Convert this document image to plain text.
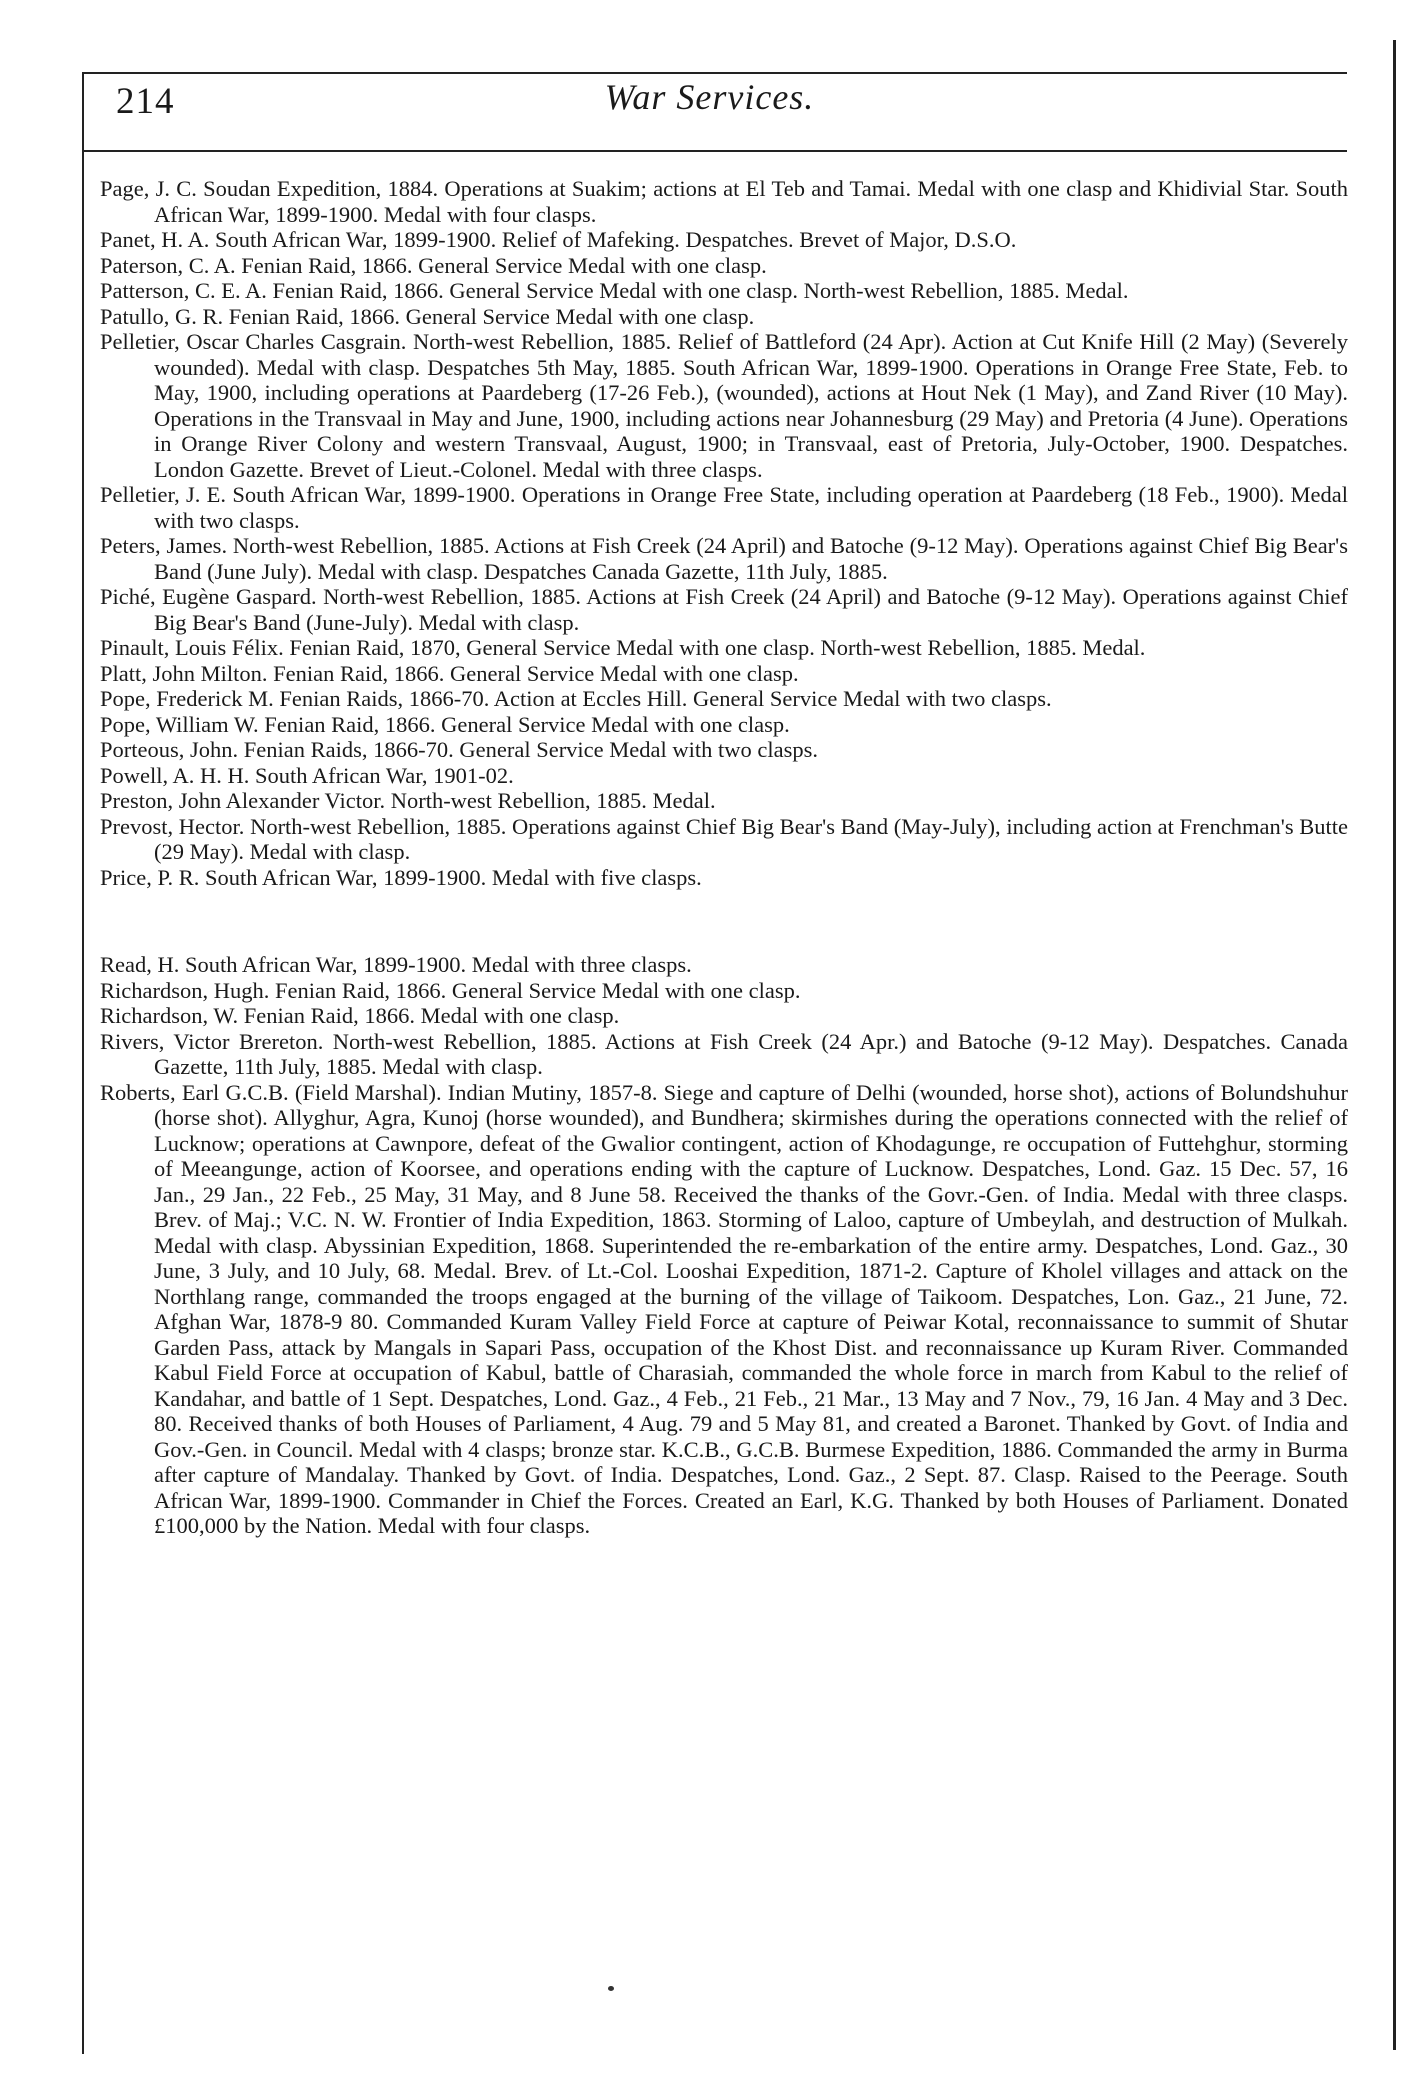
214	War Services.

Page, J. C. Soudan Expedition, 1884. Operations at Suakim; actions at El Teb and Tamai. Medal with one clasp and Khidivial Star. South African War, 1899-1900. Medal with four clasps.

Panet, H. A. South African War, 1899-1900. Relief of Mafeking. Despatches. Brevet of Major, D.S.O.

Paterson, C. A. Fenian Raid, 1866. General Service Medal with one clasp.

Patterson, C. E. A. Fenian Raid, 1866. General Service Medal with one clasp. North-west Rebellion, 1885. Medal.

Patullo, G. R. Fenian Raid, 1866. General Service Medal with one clasp.

Pelletier, Oscar Charles Casgrain. North-west Rebellion, 1885. Relief of Battleford (24 Apr). Action at Cut Knife Hill (2 May) (Severely wounded). Medal with clasp. Despatches 5th May, 1885. South African War, 1899-1900. Operations in Orange Free State, Feb. to May, 1900, including operations at Paardeberg (17-26 Feb.), (wounded), actions at Hout Nek (1 May), and Zand River (10 May). Operations in the Transvaal in May and June, 1900, including actions near Johannesburg (29 May) and Pretoria (4 June). Operations in Orange River Colony and western Transvaal, August, 1900; in Transvaal, east of Pretoria, July-October, 1900. Despatches. London Gazette. Brevet of Lieut.-Colonel. Medal with three clasps.

Pelletier, J. E. South African War, 1899-1900. Operations in Orange Free State, including operation at Paardeberg (18 Feb., 1900). Medal with two clasps.

Peters, James. North-west Rebellion, 1885. Actions at Fish Creek (24 April) and Batoche (9-12 May). Operations against Chief Big Bear's Band (June July). Medal with clasp. Despatches Canada Gazette, 11th July, 1885.

Piché, Eugène Gaspard. North-west Rebellion, 1885. Actions at Fish Creek (24 April) and Batoche (9-12 May). Operations against Chief Big Bear's Band (June-July). Medal with clasp.

Pinault, Louis Félix. Fenian Raid, 1870, General Service Medal with one clasp. North-west Rebellion, 1885. Medal.

Platt, John Milton. Fenian Raid, 1866. General Service Medal with one clasp.

Pope, Frederick M. Fenian Raids, 1866-70. Action at Eccles Hill. General Service Medal with two clasps.

Pope, William W. Fenian Raid, 1866. General Service Medal with one clasp.

Porteous, John. Fenian Raids, 1866-70. General Service Medal with two clasps.

Powell, A. H. H. South African War, 1901-02.

Preston, John Alexander Victor. North-west Rebellion, 1885. Medal.

Prevost, Hector. North-west Rebellion, 1885. Operations against Chief Big Bear's Band (May-July), including action at Frenchman's Butte (29 May). Medal with clasp.

Price, P. R. South African War, 1899-1900. Medal with five clasps.

Read, H. South African War, 1899-1900. Medal with three clasps.

Richardson, Hugh. Fenian Raid, 1866. General Service Medal with one clasp.

Richardson, W. Fenian Raid, 1866. Medal with one clasp.

Rivers, Victor Brereton. North-west Rebellion, 1885. Actions at Fish Creek (24 Apr.) and Batoche (9-12 May). Despatches. Canada Gazette, 11th July, 1885. Medal with clasp.

Roberts, Earl G.C.B. (Field Marshal). Indian Mutiny, 1857-8. Siege and capture of Delhi (wounded, horse shot), actions of Bolundshuhur (horse shot). Allyghur, Agra, Kunoj (horse wounded), and Bundhera; skirmishes during the operations connected with the relief of Lucknow; operations at Cawnpore, defeat of the Gwalior contingent, action of Khodagunge, re occupation of Futtehghur, storming of Meeangunge, action of Koorsee, and operations ending with the capture of Lucknow. Despatches, Lond. Gaz. 15 Dec. 57, 16 Jan., 29 Jan., 22 Feb., 25 May, 31 May, and 8 June 58. Received the thanks of the Govr.-Gen. of India. Medal with three clasps. Brev. of Maj.; V.C. N. W. Frontier of India Expedition, 1863. Storming of Laloo, capture of Umbeylah, and destruction of Mulkah. Medal with clasp. Abyssinian Expedition, 1868. Superintended the re-embarkation of the entire army. Despatches, Lond. Gaz., 30 June, 3 July, and 10 July, 68. Medal. Brev. of Lt.-Col. Looshai Expedition, 1871-2. Capture of Kholel villages and attack on the Northlang range, commanded the troops engaged at the burning of the village of Taikoom. Despatches, Lon. Gaz., 21 June, 72. Afghan War, 1878-9 80. Commanded Kuram Valley Field Force at capture of Peiwar Kotal, reconnaissance to summit of Shutar Garden Pass, attack by Mangals in Sapari Pass, occupation of the Khost Dist. and reconnaissance up Kuram River. Commanded Kabul Field Force at occupation of Kabul, battle of Charasiah, commanded the whole force in march from Kabul to the relief of Kandahar, and battle of 1 Sept. Despatches, Lond. Gaz., 4 Feb., 21 Feb., 21 Mar., 13 May and 7 Nov., 79, 16 Jan. 4 May and 3 Dec. 80. Received thanks of both Houses of Parliament, 4 Aug. 79 and 5 May 81, and created a Baronet. Thanked by Govt. of India and Gov.-Gen. in Council. Medal with 4 clasps; bronze star. K.C.B., G.C.B. Burmese Expedition, 1886. Commanded the army in Burma after capture of Mandalay. Thanked by Govt. of India. Despatches, Lond. Gaz., 2 Sept. 87. Clasp. Raised to the Peerage. South African War, 1899-1900. Commander in Chief the Forces. Created an Earl, K.G. Thanked by both Houses of Parliament. Donated £100,000 by the Nation. Medal with four clasps.
